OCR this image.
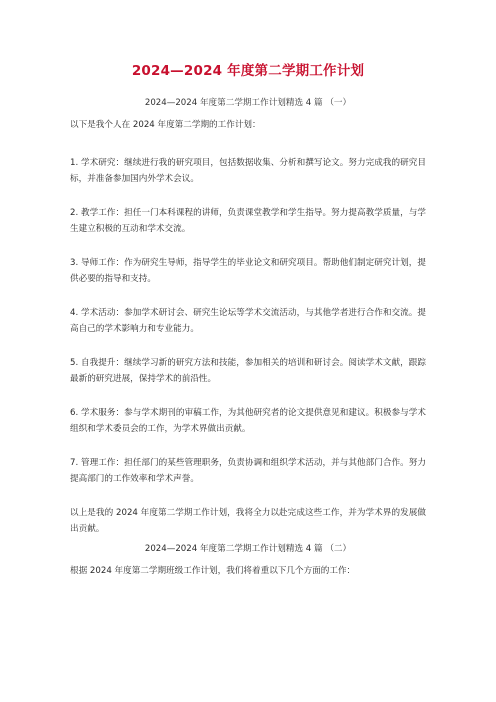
2024—2024 年度第二学期工作计划
2024—2024 年度第二学期工作计划精选 4 篇 （一）
以下是我个人在 2024 年度第二学期的工作计划：
1. 学术研究：继续进行我的研究项目，包括数据收集、分析和撰写论文。努力完成我的研究目标，并准备参加国内外学术会议。
2. 教学工作：担任一门本科课程的讲师，负责课堂教学和学生指导。努力提高教学质量，与学生建立积极的互动和学术交流。
3. 导师工作：作为研究生导师，指导学生的毕业论文和研究项目。帮助他们制定研究计划，提供必要的指导和支持。
4. 学术活动：参加学术研讨会、研究生论坛等学术交流活动，与其他学者进行合作和交流。提高自己的学术影响力和专业能力。
5. 自我提升：继续学习新的研究方法和技能，参加相关的培训和研讨会。阅读学术文献，跟踪最新的研究进展，保持学术的前沿性。
6. 学术服务：参与学术期刊的审稿工作，为其他研究者的论文提供意见和建议。积极参与学术组织和学术委员会的工作，为学术界做出贡献。
7. 管理工作：担任部门的某些管理职务，负责协调和组织学术活动，并与其他部门合作。努力提高部门的工作效率和学术声誉。
以上是我的 2024 年度第二学期工作计划，我将全力以赴完成这些工作，并为学术界的发展做出贡献。
2024—2024 年度第二学期工作计划精选 4 篇 （二）
根据 2024 年度第二学期班级工作计划，我们将着重以下几个方面的工作：
